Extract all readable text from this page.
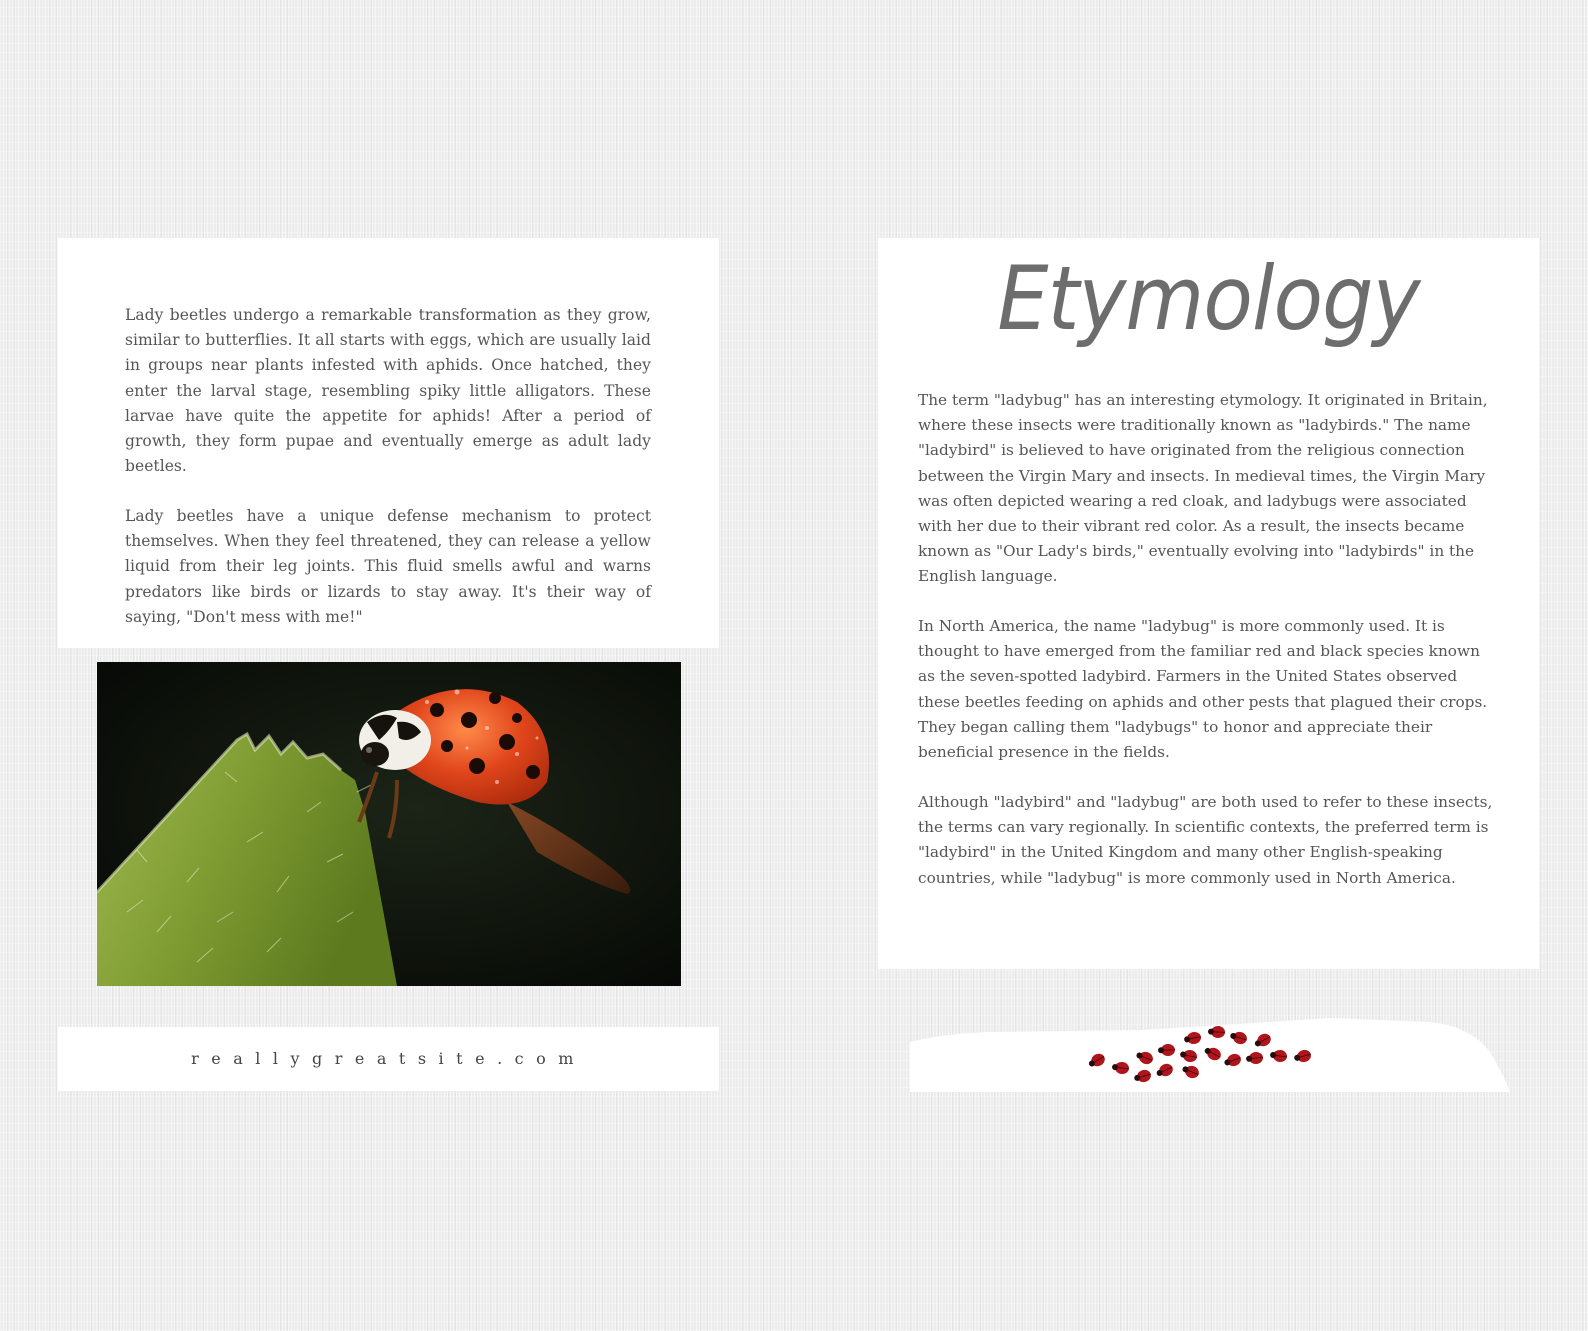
Lady beetles undergo a remarkable transformation as they grow, similar to butterflies. It all starts with eggs, which are usually laid in groups near plants infested with aphids. Once hatched, they enter the larval stage, resembling spiky little alligators. These larvae have quite the appetite for aphids! After a period of growth, they form pupae and eventually emerge as adult lady beetles.

Lady beetles have a unique defense mechanism to protect themselves. When they feel threatened, they can release a yellow liquid from their leg joints. This fluid smells awful and warns predators like birds or lizards to stay away. It's their way of saying, "Don't mess with me!"

reallygreatsite.com
Etymology

The term "ladybug" has an interesting etymology. It originated in Britain, where these insects were traditionally known as "ladybirds." The name "ladybird" is believed to have originated from the religious connection between the Virgin Mary and insects. In medieval times, the Virgin Mary was often depicted wearing a red cloak, and ladybugs were associated with her due to their vibrant red color. As a result, the insects became known as "Our Lady's birds," eventually evolving into "ladybirds" in the English language.

In North America, the name "ladybug" is more commonly used. It is thought to have emerged from the familiar red and black species known as the seven-spotted ladybird. Farmers in the United States observed these beetles feeding on aphids and other pests that plagued their crops. They began calling them "ladybugs" to honor and appreciate their beneficial presence in the fields.

Although "ladybird" and "ladybug" are both used to refer to these insects, the terms can vary regionally. In scientific contexts, the preferred term is "ladybird" in the United Kingdom and many other English-speaking countries, while "ladybug" is more commonly used in North America.
